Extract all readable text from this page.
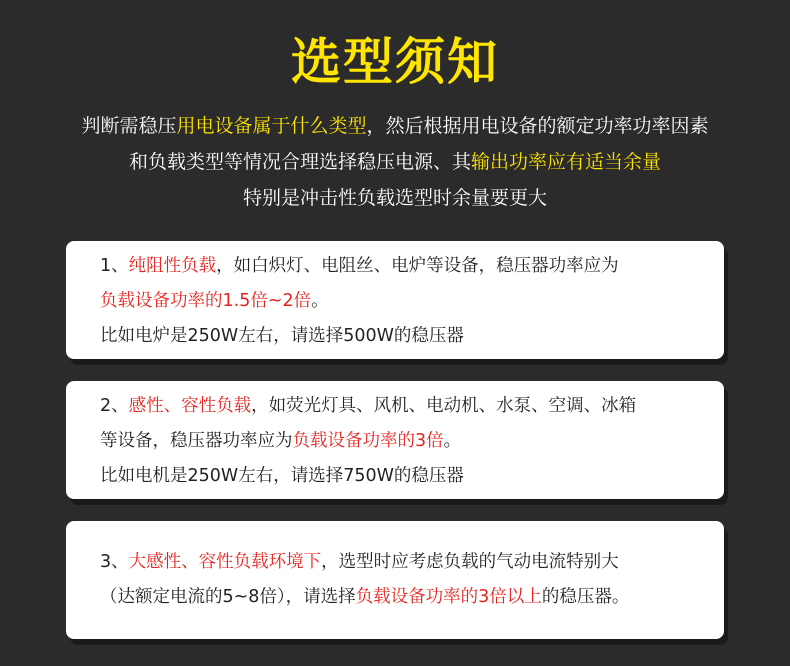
选型须知
判断需稳压用电设备属于什么类型，然后根据用电设备的额定功率功率因素
和负载类型等情况合理选择稳压电源、其输出功率应有适当余量
特别是冲击性负载选型时余量要更大
1、纯阻性负载，如白炽灯、电阻丝、电炉等设备，稳压器功率应为
负载设备功率的1.5倍~2倍。
比如电炉是250W左右，请选择500W的稳压器
2、感性、容性负载，如荧光灯具、风机、电动机、水泵、空调、冰箱
等设备，稳压器功率应为负载设备功率的3倍。
比如电机是250W左右，请选择750W的稳压器
3、大感性、容性负载环境下，选型时应考虑负载的气动电流特别大
（达额定电流的5~8倍），请选择负载设备功率的3倍以上的稳压器。
